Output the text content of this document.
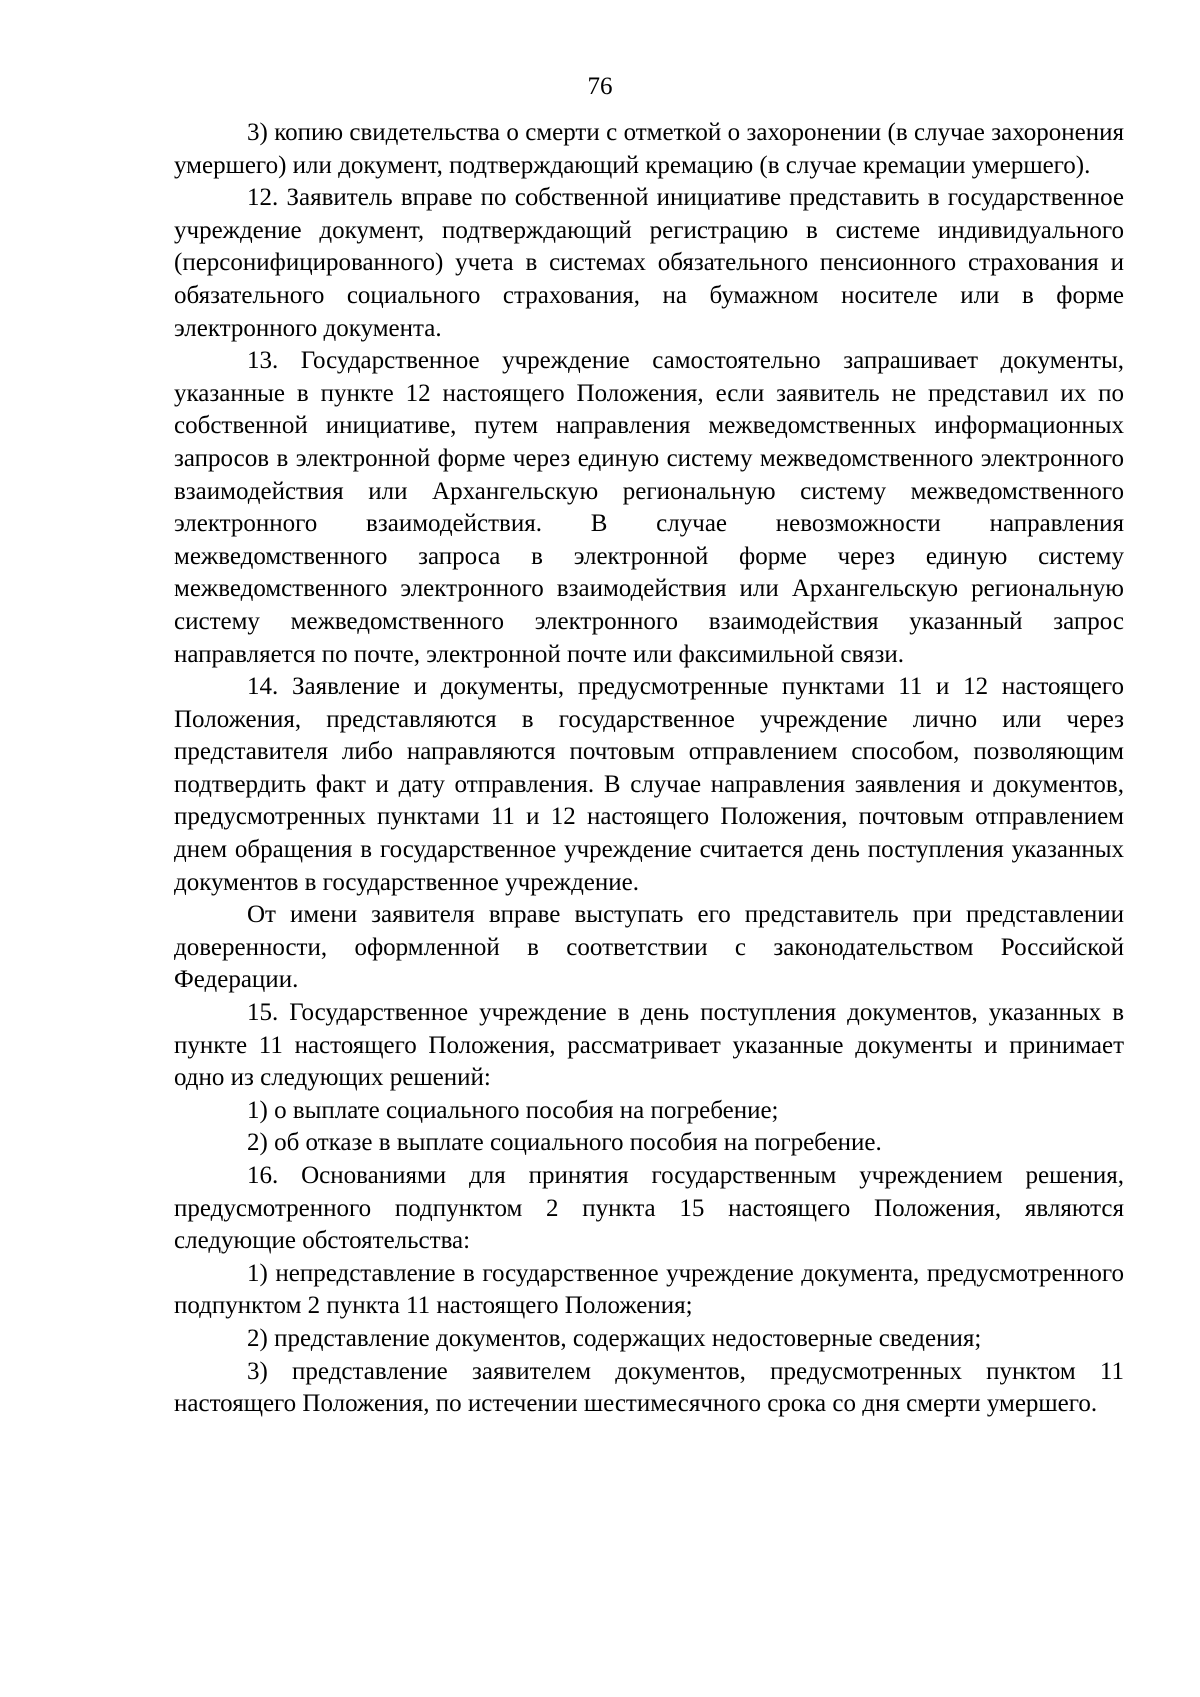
76

3) копию свидетельства о смерти с отметкой о захоронении (в случае захоронения умершего) или документ, подтверждающий кремацию (в случае кремации умершего).

12. Заявитель вправе по собственной инициативе представить в государственное учреждение документ, подтверждающий регистрацию в системе индивидуального (персонифицированного) учета в системах обязательного пенсионного страхования и обязательного социального страхования, на бумажном носителе или в форме электронного документа.

13. Государственное учреждение самостоятельно запрашивает документы, указанные в пункте 12 настоящего Положения, если заявитель не представил их по собственной инициативе, путем направления межведомственных информационных запросов в электронной форме через единую систему межведомственного электронного взаимодействия или Архангельскую региональную систему межведомственного электронного взаимодействия. В случае невозможности направления межведомственного запроса в электронной форме через единую систему межведомственного электронного взаимодействия или Архангельскую региональную систему межведомственного электронного взаимодействия указанный запрос направляется по почте, электронной почте или факсимильной связи.

14. Заявление и документы, предусмотренные пунктами 11 и 12 настоящего Положения, представляются в государственное учреждение лично или через представителя либо направляются почтовым отправлением способом, позволяющим подтвердить факт и дату отправления. В случае направления заявления и документов, предусмотренных пунктами 11 и 12 настоящего Положения, почтовым отправлением днем обращения в государственное учреждение считается день поступления указанных документов в государственное учреждение.

От имени заявителя вправе выступать его представитель при представлении доверенности, оформленной в соответствии с законодательством Российской Федерации.

15. Государственное учреждение в день поступления документов, указанных в пункте 11 настоящего Положения, рассматривает указанные документы и принимает одно из следующих решений:

1) о выплате социального пособия на погребение;

2) об отказе в выплате социального пособия на погребение.

16. Основаниями для принятия государственным учреждением решения, предусмотренного подпунктом 2 пункта 15 настоящего Положения, являются следующие обстоятельства:

1) непредставление в государственное учреждение документа, предусмотренного подпунктом 2 пункта 11 настоящего Положения;

2) представление документов, содержащих недостоверные сведения;

3) представление заявителем документов, предусмотренных пунктом 11 настоящего Положения, по истечении шестимесячного срока со дня смерти умершего.
